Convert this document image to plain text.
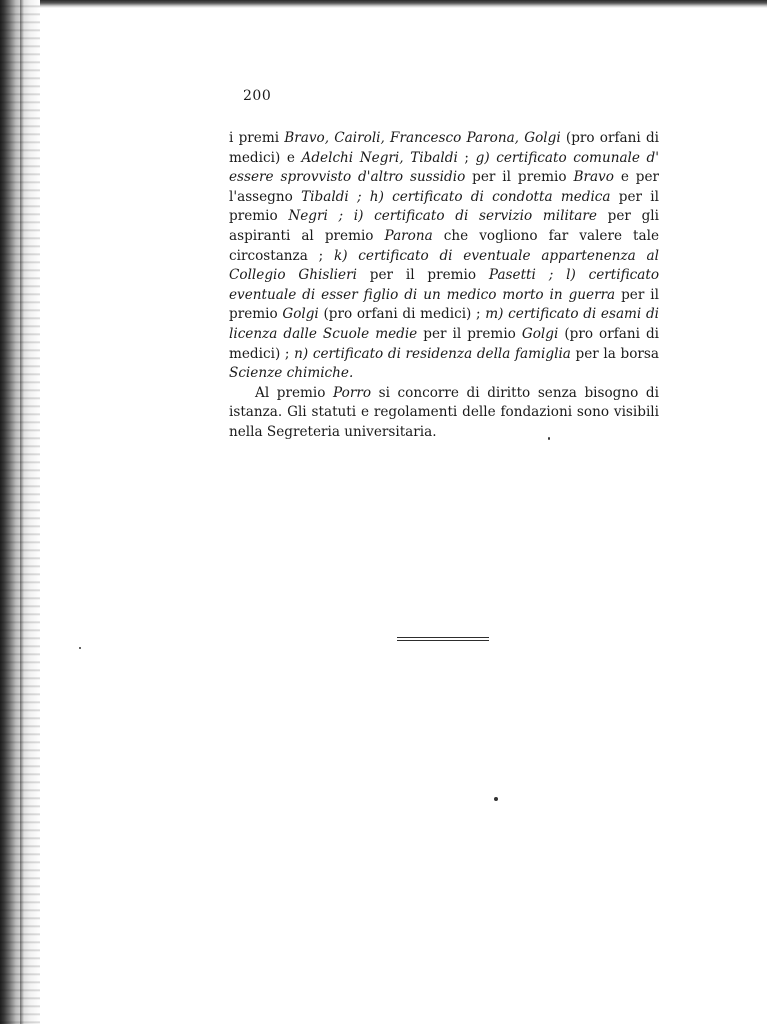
200

i premi Bravo, Cairoli, Francesco Parona, Golgi (pro orfani di medici) e Adelchi Negri, Tibaldi ; g) certificato comunale d' essere sprovvisto d'altro sussidio per il premio Bravo e per l'assegno Tibaldi ; h) certificato di condotta medica per il premio Negri ; i) certificato di servizio militare per gli aspiranti al premio Parona che vogliono far valere tale circostanza ; k) certificato di eventuale appartenenza al Collegio Ghislieri per il premio Pasetti ; l) certificato eventuale di esser figlio di un medico morto in guerra per il premio Golgi (pro orfani di medici) ; m) certificato di esami di licenza dalle Scuole medie per il premio Golgi (pro orfani di medici) ; n) certificato di residenza della famiglia per la borsa Scienze chimiche.

Al premio Porro si concorre di diritto senza bisogno di istanza. Gli statuti e regolamenti delle fondazioni sono visibili nella Segreteria universitaria.
